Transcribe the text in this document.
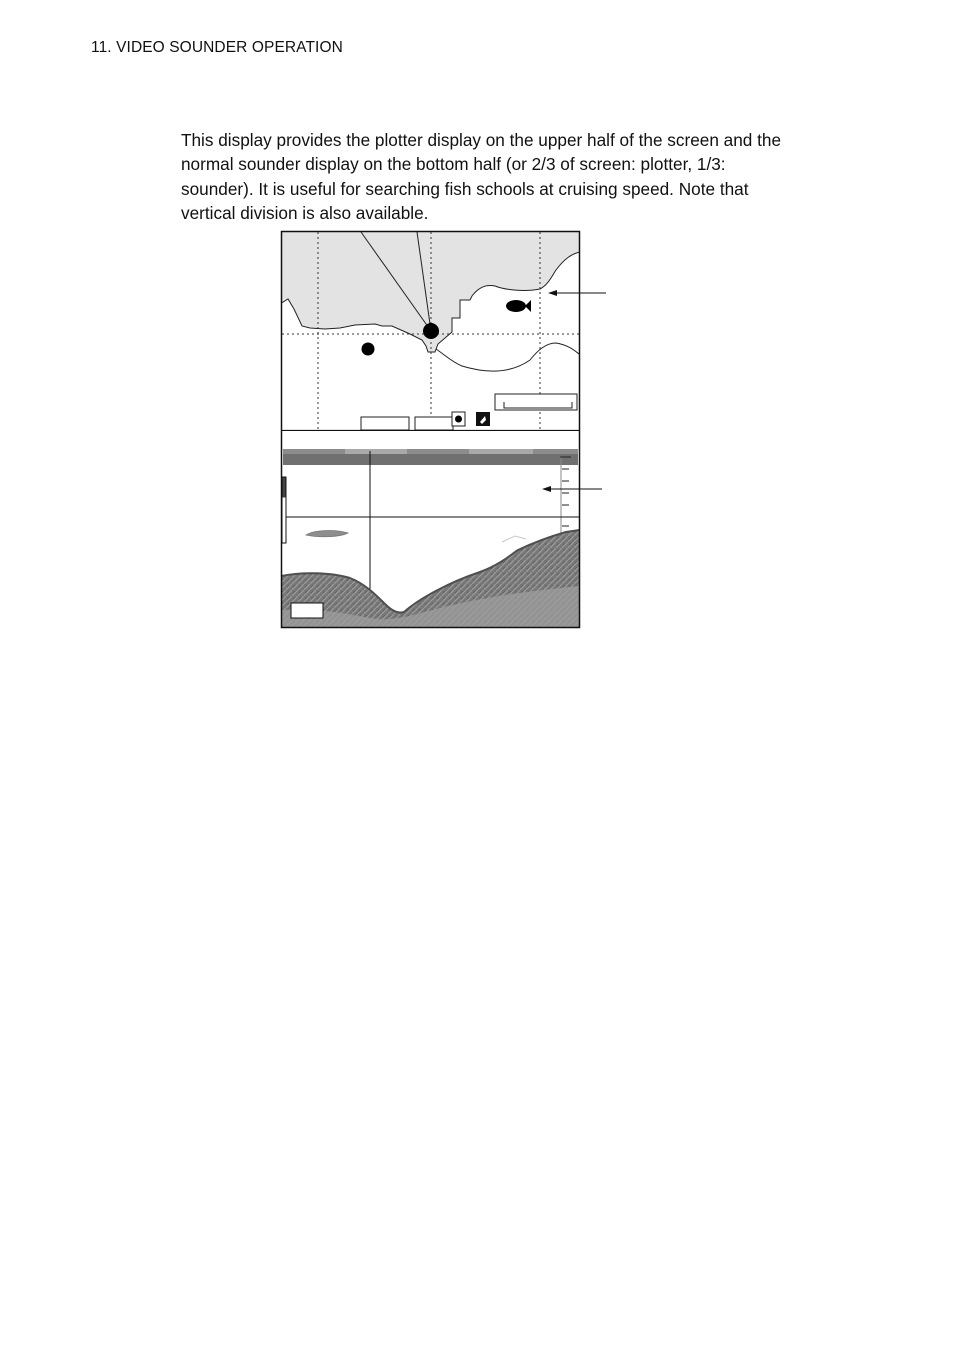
11. VIDEO SOUNDER OPERATION
This display provides the plotter display on the upper half of the screen and the
normal sounder display on the bottom half (or 2/3 of screen: plotter, 1/3:
sounder). It is useful for searching fish schools at cruising speed. Note that
vertical division is also available.
